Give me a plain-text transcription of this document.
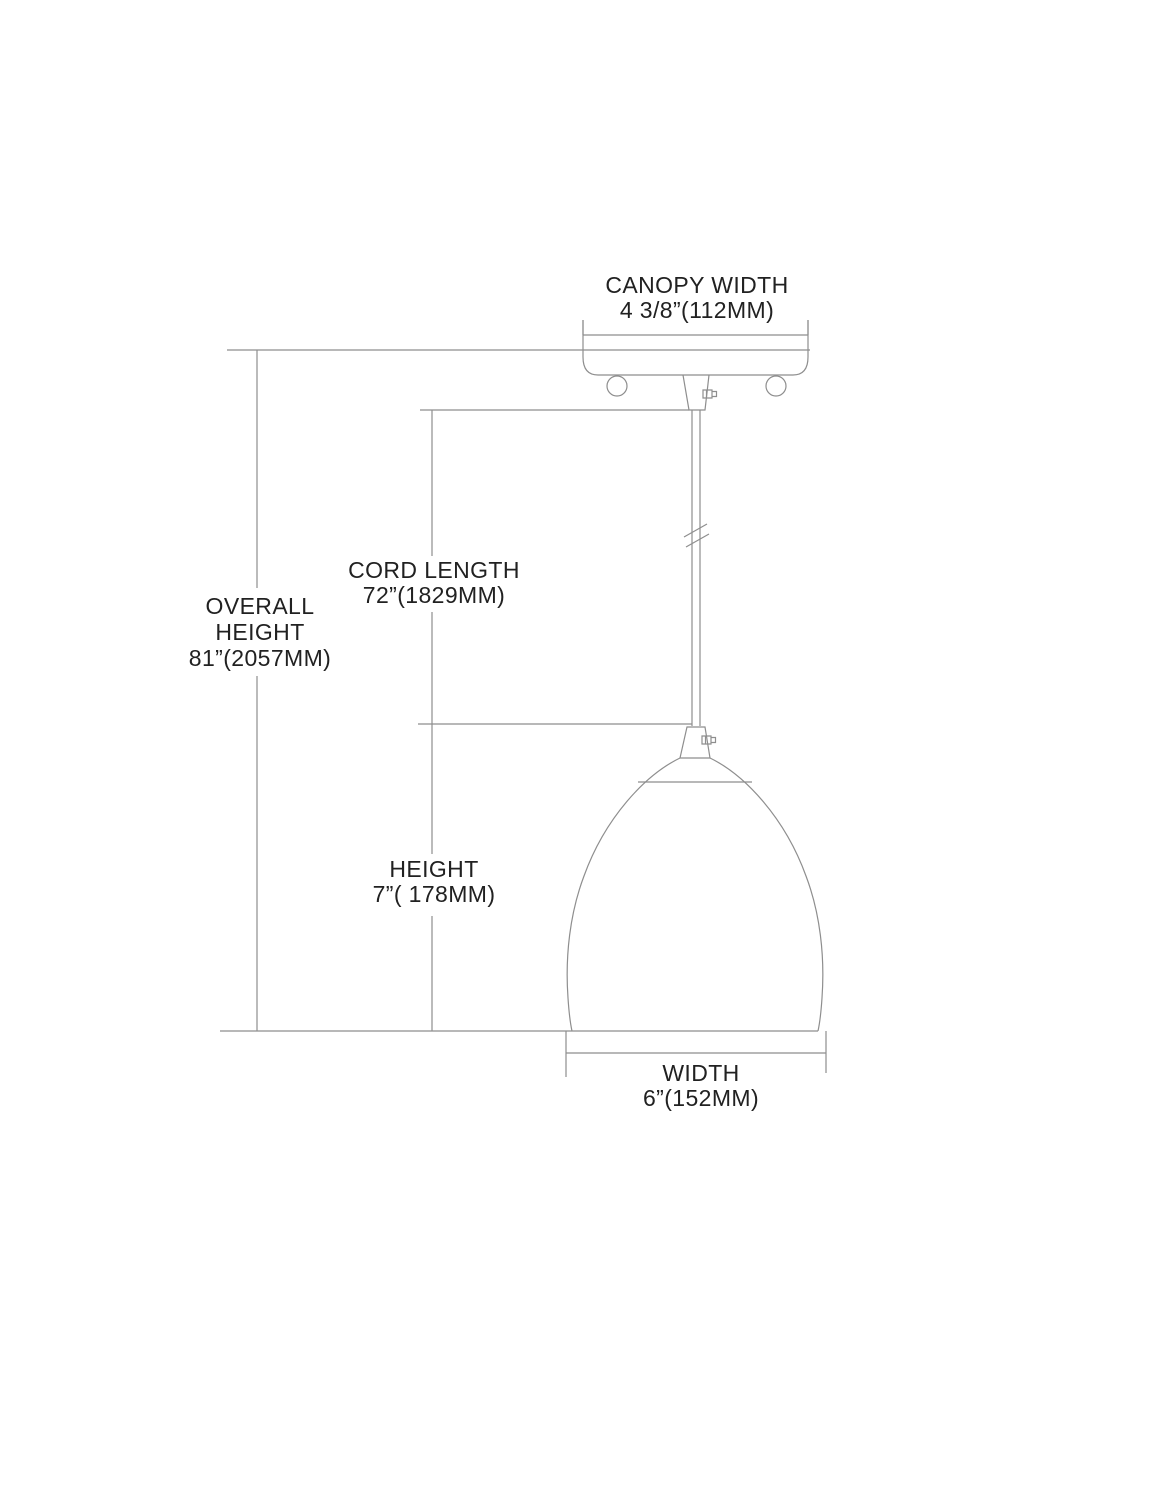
CANOPY WIDTH
4 3/8”(112MM)
OVERALL
HEIGHT
81”(2057MM)
CORD LENGTH
72”(1829MM)
HEIGHT
7”( 178MM)
WIDTH
6”(152MM)
